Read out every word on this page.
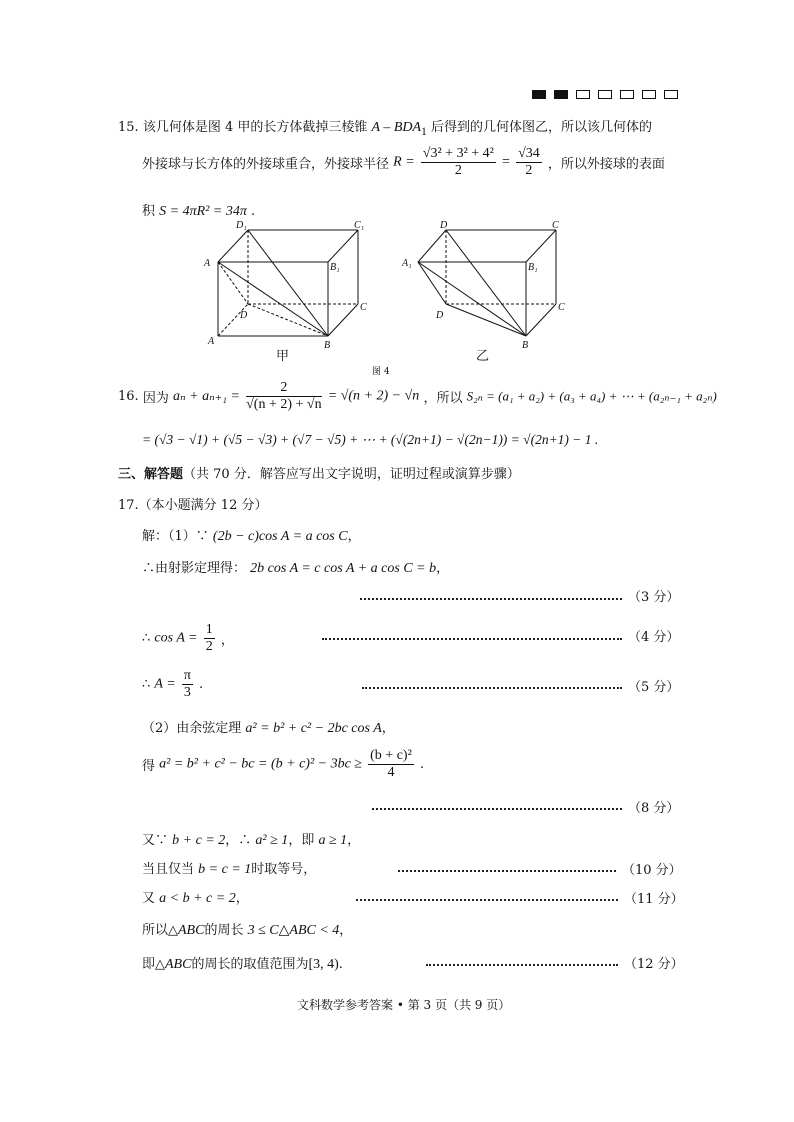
15. 该几何体是图 4 甲的长方体截掉三棱锥 A – $BDA_1$ 后得到的几何体图乙，所以该几何体的
外接球与长方体的外接球重合，外接球半径 $R = \frac{\text{√3² + 3² + 4²}}{2} = \frac{√34}{2}$ ，所以外接球的表面
积 S = 4πR² = 34π .
D₁	C₁
A	B₁
D
C
A	B
D	C
A₁	B₁
D
C
B
甲	乙
图 4
16. 因为 $a_n + a_{n+1} = \frac{2}{√(n + 2) + √n} = √(n + 2) - √n$ ，所以 S₂ₙ = (a₁ + a₂) + (a₃ + a₄) + ⋯ + (a₂ₙ₋₁ + a₂ₙ)
= (√3 − √1) + (√5 − √3) + (√7 − √5) + ⋯ + (√(2n+1) − √(2n−1)) = √(2n+1) − 1 .
三、解答题（共 70 分．解答应写出文字说明，证明过程或演算步骤）
17.（本小题满分 12 分）
解：（1）∵ (2b − c)cos A = a cos C，
∴由射影定理得： 2b cos A = c cos A + a cos C = b，
（3 分）
∴ $\cos A = \frac{1}{2}$ ，	（4 分）
∴ $A = \frac{\pi}{3}$ .	（5 分）
（2）由余弦定理 a² = b² + c² − 2bc cos A，
得 a² = b² + c² − bc = $(b + c)^2 - 3bc \ge \frac{\text{(b + c)²}}{4}$ .
（8 分）
又∵ b + c = 2，∴ a² ≥ 1，即 a ≥ 1，
当且仅当 b = c = 1时取等号，	（10 分）
又 a < b + c = 2，	（11 分）
所以△ABC的周长 3 ≤ C△ABC < 4，
即△ABC的周长的取值范围为[3, 4).	（12 分）
文科数学参考答案 • 第 3 页（共 9 页）
